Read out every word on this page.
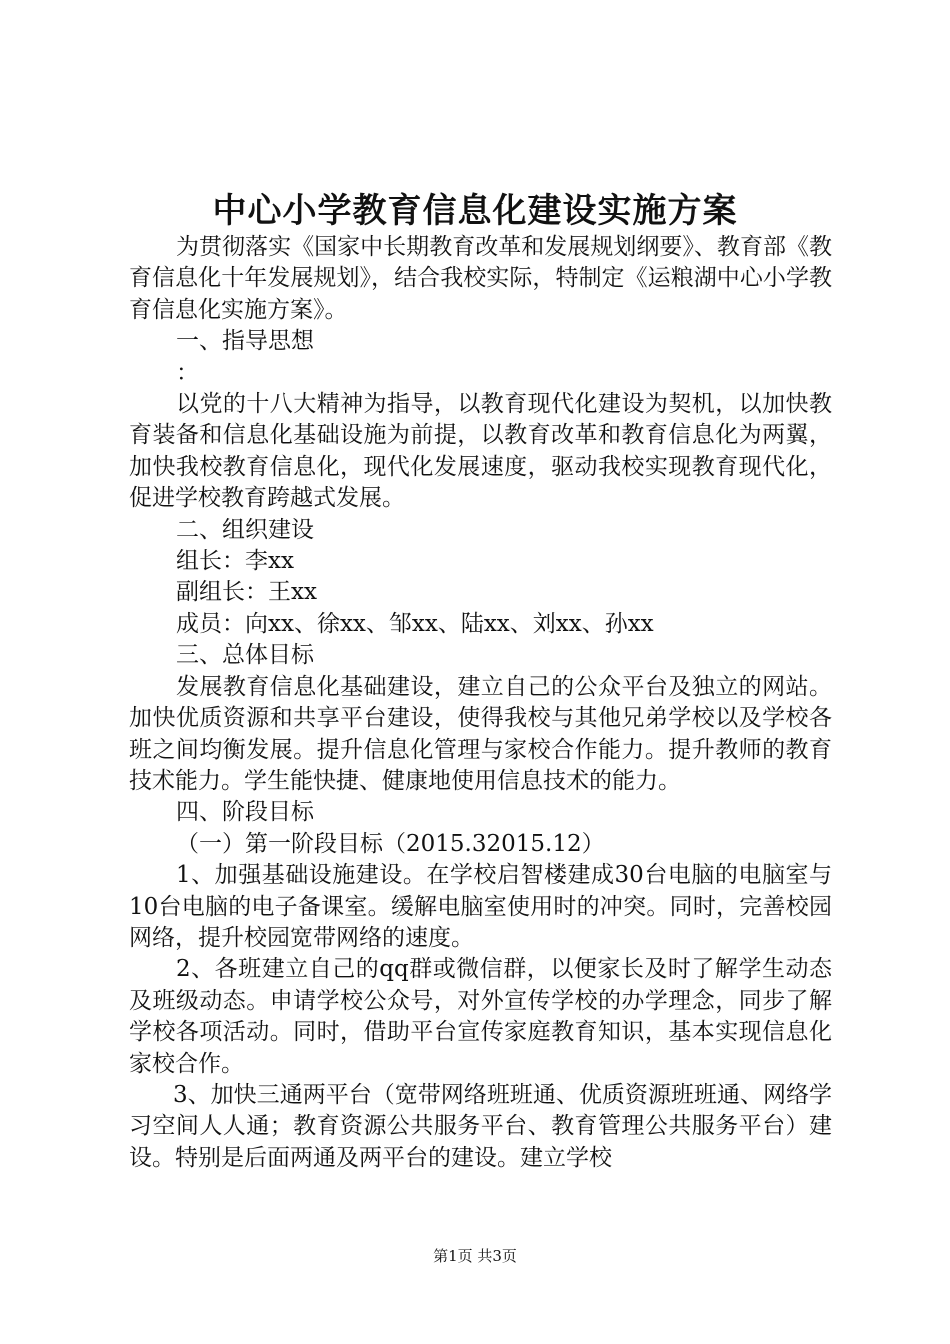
中心小学教育信息化建设实施方案

为贯彻落实《国家中长期教育改革和发展规划纲要》、教育部《教育信息化十年发展规划》，结合我校实际，特制定《运粮湖中心小学教育信息化实施方案》。

一、指导思想

：

以党的十八大精神为指导，以教育现代化建设为契机，以加快教育装备和信息化基础设施为前提，以教育改革和教育信息化为两翼，加快我校教育信息化，现代化发展速度，驱动我校实现教育现代化，促进学校教育跨越式发展。

二、组织建设

组长：李xx

副组长：王xx

成员：向xx、徐xx、邹xx、陆xx、刘xx、孙xx

三、总体目标

发展教育信息化基础建设，建立自己的公众平台及独立的网站。加快优质资源和共享平台建设，使得我校与其他兄弟学校以及学校各班之间均衡发展。提升信息化管理与家校合作能力。提升教师的教育技术能力。学生能快捷、健康地使用信息技术的能力。

四、阶段目标

（一）第一阶段目标（2015.32015.12）

1、加强基础设施建设。在学校启智楼建成30台电脑的电脑室与10台电脑的电子备课室。缓解电脑室使用时的冲突。同时，完善校园网络，提升校园宽带网络的速度。

2、各班建立自己的qq群或微信群，以便家长及时了解学生动态及班级动态。申请学校公众号，对外宣传学校的办学理念，同步了解学校各项活动。同时，借助平台宣传家庭教育知识，基本实现信息化家校合作。

3、加快三通两平台（宽带网络班班通、优质资源班班通、网络学习空间人人通；教育资源公共服务平台、教育管理公共服务平台）建设。特别是后面两通及两平台的建设。建立学校

第1页 共3页
